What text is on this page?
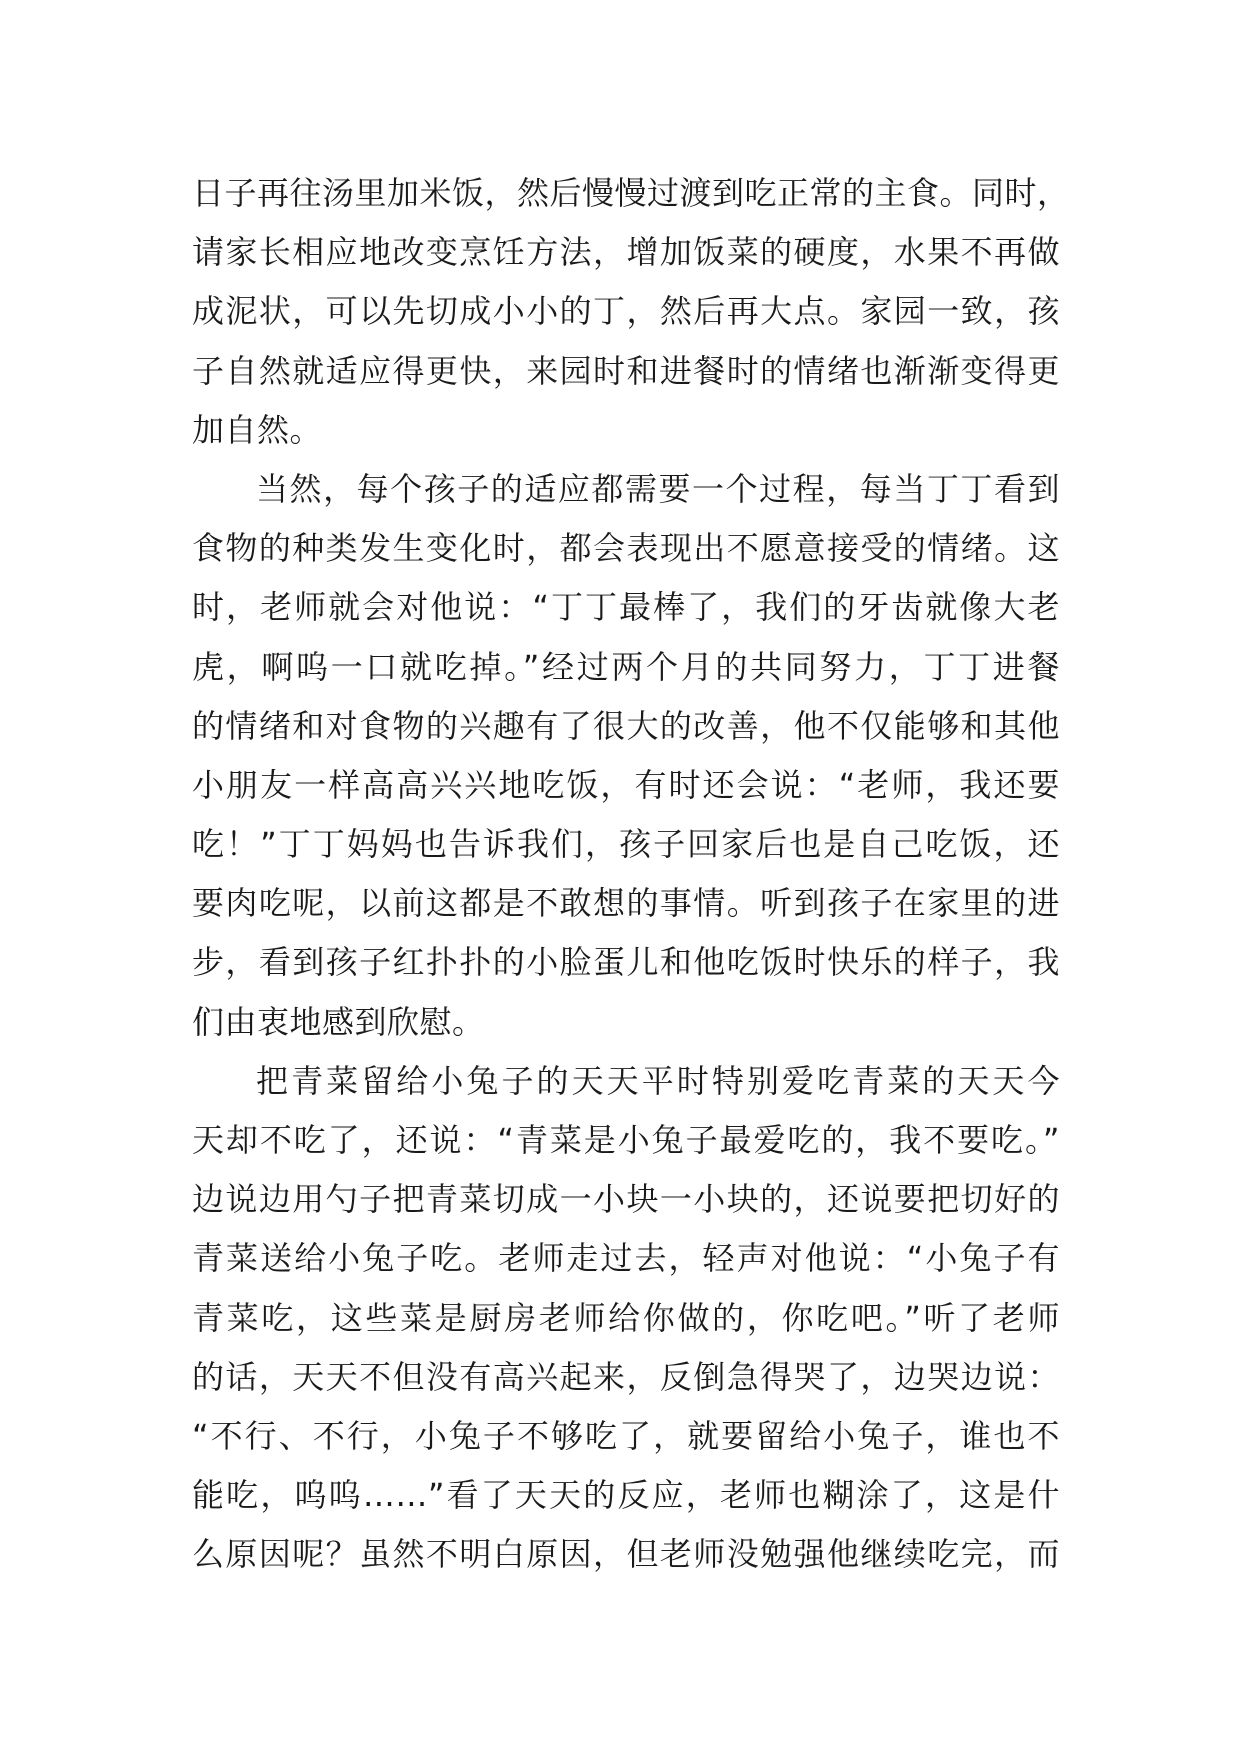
日子再往汤里加米饭，然后慢慢过渡到吃正常的主食。同时，
请家长相应地改变烹饪方法，增加饭菜的硬度，水果不再做
成泥状，可以先切成小小的丁，然后再大点。家园一致，孩
子自然就适应得更快，来园时和进餐时的情绪也渐渐变得更
加自然。
当然，每个孩子的适应都需要一个过程，每当丁丁看到
食物的种类发生变化时，都会表现出不愿意接受的情绪。这
时，老师就会对他说：“丁丁最棒了，我们的牙齿就像大老
虎，啊呜一口就吃掉。”经过两个月的共同努力，丁丁进餐
的情绪和对食物的兴趣有了很大的改善，他不仅能够和其他
小朋友一样高高兴兴地吃饭，有时还会说：“老师，我还要
吃！”丁丁妈妈也告诉我们，孩子回家后也是自己吃饭，还
要肉吃呢，以前这都是不敢想的事情。听到孩子在家里的进
步，看到孩子红扑扑的小脸蛋儿和他吃饭时快乐的样子，我
们由衷地感到欣慰。
把青菜留给小兔子的天天平时特别爱吃青菜的天天今
天却不吃了，还说：“青菜是小兔子最爱吃的，我不要吃。”
边说边用勺子把青菜切成一小块一小块的，还说要把切好的
青菜送给小兔子吃。老师走过去，轻声对他说：“小兔子有
青菜吃，这些菜是厨房老师给你做的，你吃吧。”听了老师
的话，天天不但没有高兴起来，反倒急得哭了，边哭边说：
“不行、不行，小兔子不够吃了，就要留给小兔子，谁也不
能吃，呜呜……”看了天天的反应，老师也糊涂了，这是什
么原因呢？虽然不明白原因，但老师没勉强他继续吃完，而
